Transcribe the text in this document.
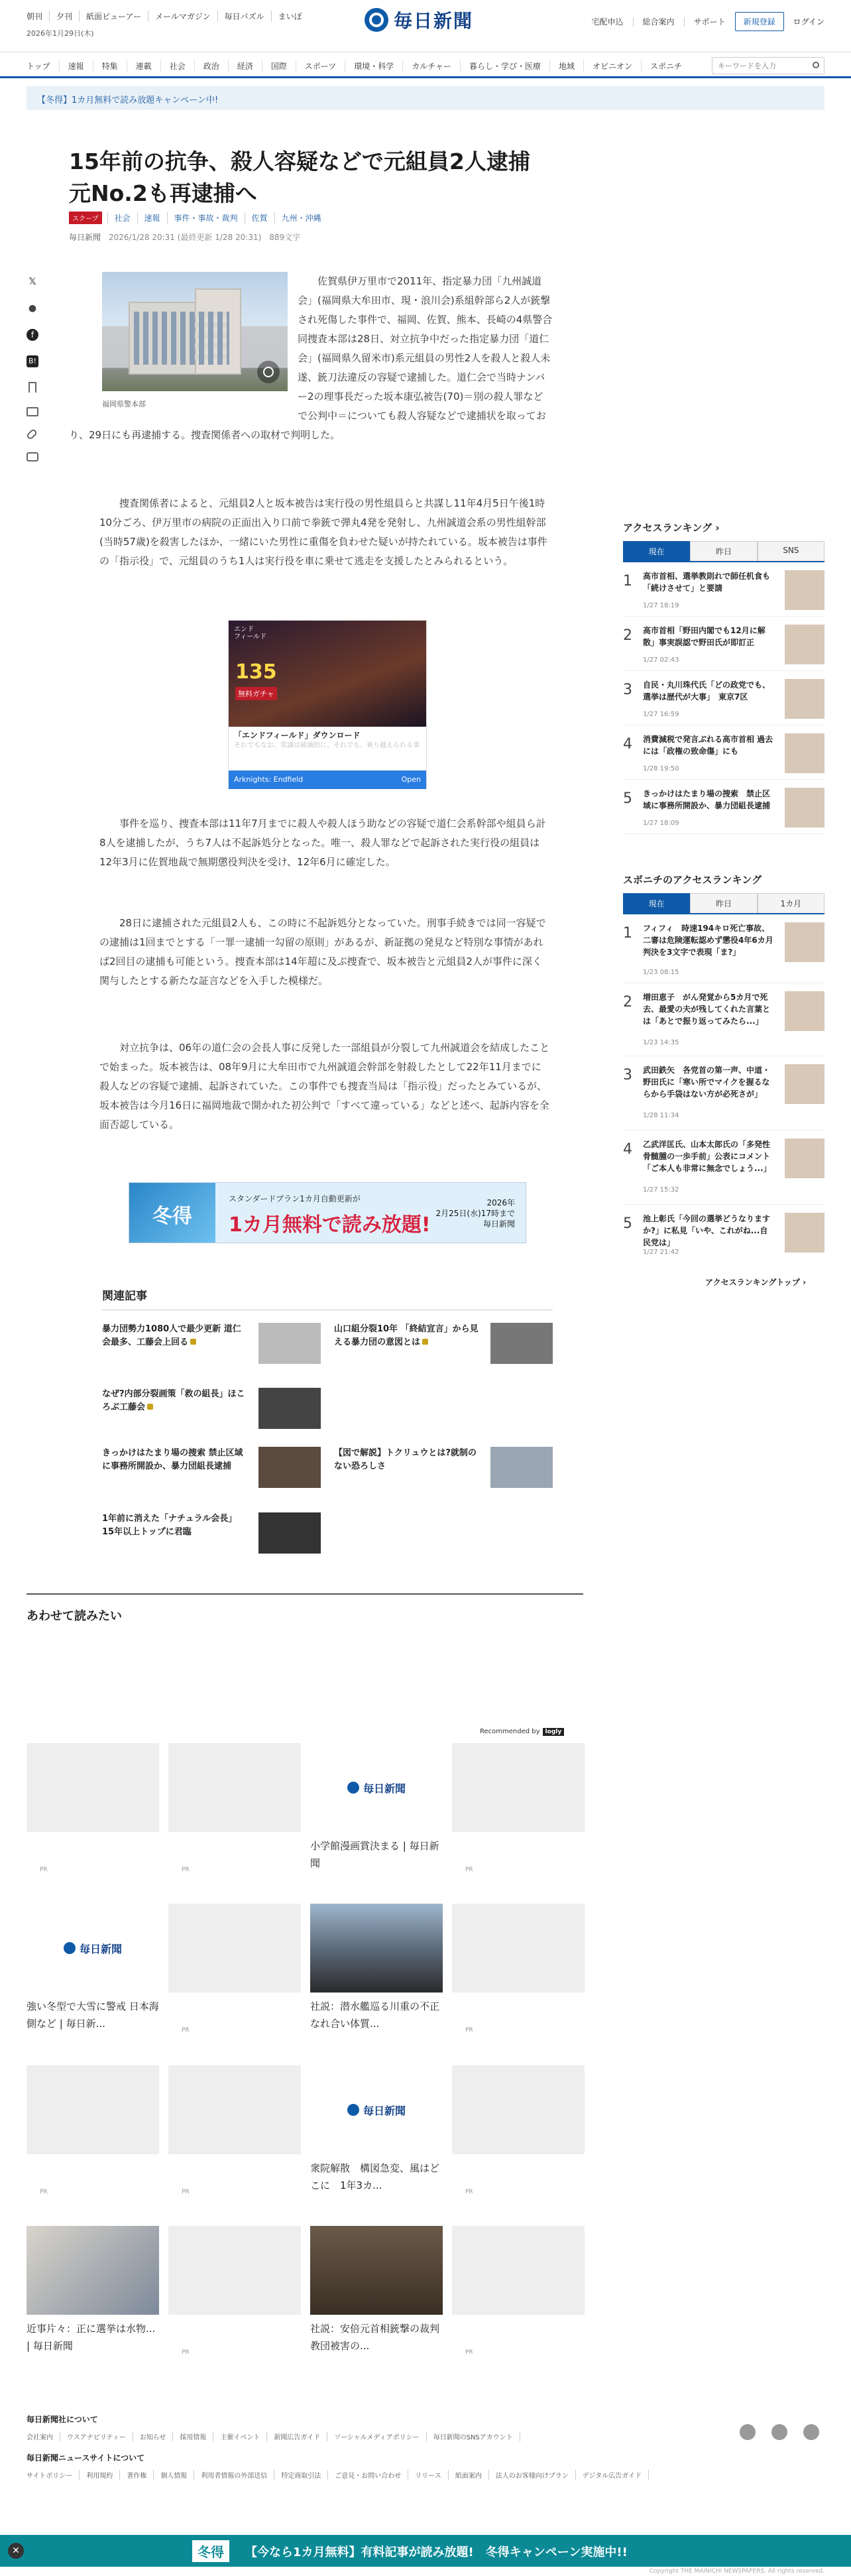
朝刊	夕刊	紙面ビューアー	メールマガジン	毎日パズル	まいぽ
2026年1月29日(木)
毎日新聞	宅配申込 総合案内 サポート	新規登録	ログイン
トップ	速報	特集	連載	社会	政治	経済	国際	スポーツ	環境・科学	カルチャー	暮らし・学び・医療	地域	オピニオン	スポニチ
キーワードを入力
【冬得】1カ月無料で読み放題キャンペーン中!
15年前の抗争、殺人容疑などで元組員2人逮捕　元No.2も再逮捕へ
スクープ	社会	速報	事件・事故・裁判	佐賀	九州・沖縄
毎日新聞 2026/1/28 20:31 (最終更新 1/28 20:31) 889文字
𝕏
●
f
B!
福岡県警本部

佐賀県伊万里市で2011年、指定暴力団「九州誠道会」(福岡県大牟田市、現・浪川会)系組幹部ら2人が銃撃され死傷した事件で、福岡、佐賀、熊本、長崎の4県警合同捜査本部は28日、対立抗争中だった指定暴力団「道仁会」(福岡県久留米市)系元組員の男性2人を殺人と殺人未遂、銃刀法違反の容疑で逮捕した。道仁会で当時ナンバー2の理事長だった坂本康弘被告(70)＝別の殺人罪などで公判中＝についても殺人容疑などで逮捕状を取っており、29日にも再逮捕する。捜査関係者への取材で判明した。

捜査関係者によると、元組員2人と坂本被告は実行役の男性組員らと共謀し11年4月5日午後1時10分ごろ、伊万里市の病院の正面出入り口前で拳銃で弾丸4発を発射し、九州誠道会系の男性組幹部(当時57歳)を殺害したほか、一緒にいた男性に重傷を負わせた疑いが持たれている。坂本被告は事件の「指示役」で、元組員のうち1人は実行役を車に乗せて逃走を支援したとみられるという。

事件を巡り、捜査本部は11年7月までに殺人や殺人ほう助などの容疑で道仁会系幹部や組員ら計8人を逮捕したが、うち7人は不起訴処分となった。唯一、殺人罪などで起訴された実行役の組員は12年3月に佐賀地裁で無期懲役判決を受け、12年6月に確定した。

28日に逮捕された元組員2人も、この時に不起訴処分となっていた。刑事手続きでは同一容疑での逮捕は1回までとする「一罪一逮捕一勾留の原則」があるが、新証拠の発見など特別な事情があれば2回目の逮捕も可能という。捜査本部は14年超に及ぶ捜査で、坂本被告と元組員2人が事件に深く関与したとする新たな証言などを入手した模様だ。

対立抗争は、06年の道仁会の会長人事に反発した一部組員が分裂して九州誠道会を結成したことで始まった。坂本被告は、08年9月に大牟田市で九州誠道会幹部を射殺したとして22年11月までに殺人などの容疑で逮捕、起訴されていた。この事件でも捜査当局は「指示役」だったとみているが、坂本被告は今月16日に福岡地裁で開かれた初公判で「すべて違っている」などと述べ、起訴内容を全面否認している。

エンド
フィールド
135
無料ガチャ
「エンドフィールド」ダウンロード
それでもなお、常識は破滅的に。それでも、乗り越えられる事
Arknights: Endfield	Open
冬得
スタンダードプラン1カ月自動更新が
1カ月無料で読み放題!
2026年
2月25日(水)17時まで
毎日新聞
関連記事
暴力団勢力1080人で最少更新 道仁会最多、工藤会上回る
山口組分裂10年 「終結宣言」から見える暴力団の意図とは
なぜ?内部分裂画策「救の組長」ほころぶ工藤会
きっかけはたまり場の捜索 禁止区域に事務所開設か、暴力団組長逮捕
【図で解説】トクリュウとは?就制のない恐ろしさ
1年前に消えた「ナチュラル会長」 15年以上トップに君臨
あわせて読みたい
Recommended by logly
PR	PR
毎日新聞
小学館漫画賞決まる | 毎日新聞
PR
毎日新聞
強い冬型で大雪に警戒 日本海側など | 毎日新...
PR
社説：潜水艦巡る川重の不正　なれ合い体質...
PR
PR	PR
毎日新聞
衆院解散　構図急変、風はどこに　1年3カ...
PR
近事片々：正に選挙は水物... | 毎日新聞
PR
社説：安倍元首相銃撃の裁判　教団被害の...
PR
アクセスランキング ›
現在	昨日	SNS
1 高市首相、選挙教則れで師任机食も「続けさせて」と要請
1/27 18:19
2 高市首相「野田内閣でも12月に解散」事実誤認で野田氏が即訂正
1/27 02:43
3 自民・丸川珠代氏「どの政党でも、選挙は歴代が大事」　東京7区
1/27 16:59
4 消費減税で発言ぶれる高市首相 過去には「政権の致命傷」にも
1/28 19:50
5 きっかけはたまり場の捜索　禁止区域に事務所開設か、暴力団組長逮捕
1/27 18:09
スポニチのアクセスランキング
現在	昨日	1カ月
1 フィフィ　時速194キロ死亡事故、二審は危険運転認めず懲役4年6カ月判決を3文字で表現「ま?」
1/23 08:15
2 増田恵子　がん発覚から5カ月で死去、最愛の夫が残してくれた言葉とは「あとで振り返ってみたら...」
1/23 14:35
3 武田鉄矢　各党首の第一声、中道・野田氏に「寒い所でマイクを握るならから手袋はない方が必死さが」
1/28 11:34
4 乙武洋匡氏、山本太郎氏の「多発性骨髄腫の一歩手前」公表にコメント「ご本人も非常に無念でしょう...」
1/27 15:32
5 池上彰氏「今回の選挙どうなりますか?」に私見「いや、これがね...自民党は」
1/27 21:42
アクセスランキングトップ ›
毎日新聞社について
会社案内	ウスアナビリティー	お知らせ	採用情報	主催イベント	新聞広告ガイド	ソーシャルメディアポリシー	毎日新聞のSNSアカウント
毎日新聞ニュースサイトについて
サイトポリシー	利用規約	著作権	個人情報	利用者情報の外部送信	特定商取引法	ご意見・お問い合わせ	リリース	紙面案内	法人のお客様向けプラン	デジタル広告ガイド
✕	冬得	【今なら1カ月無料】有料記事が読み放題!　冬得キャンペーン実施中!!
Copyright THE MAINICHI NEWSPAPERS. All rights reserved.
